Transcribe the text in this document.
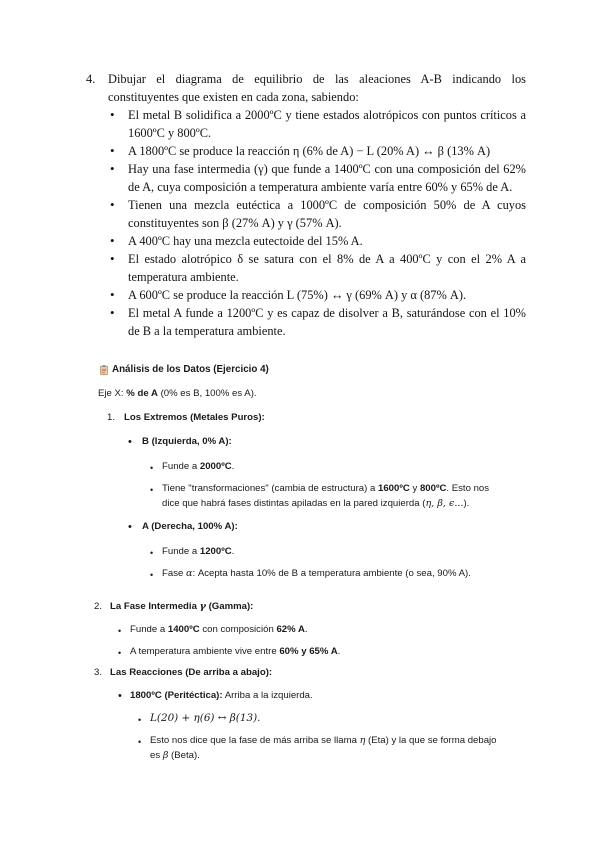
4. Dibujar el diagrama de equilibrio de las aleaciones A-B indicando los constituyentes que existen en cada zona, sabiendo:
• El metal B solidifica a 2000ºC y tiene estados alotrópicos con puntos críticos a 1600ºC y 800ºC.
• A 1800ºC se produce la reacción η (6% de A) − L (20% A) ↔ β (13% A)
• Hay una fase intermedia (γ) que funde a 1400ºC con una composición del 62% de A, cuya composición a temperatura ambiente varía entre 60% y 65% de A.
• Tienen una mezcla eutéctica a 1000ºC de composición 50% de A cuyos constituyentes son β (27% A) y γ (57% A).
• A 400ºC hay una mezcla eutectoide del 15% A.
• El estado alotrópico δ se satura con el 8% de A a 400ºC y con el 2% A a temperatura ambiente.
• A 600ºC se produce la reacción L (75%) ↔ γ (69% A) y α (87% A).
• El metal A funde a 1200ºC y es capaz de disolver a B, saturándose con el 10% de B a la temperatura ambiente.
Análisis de los Datos (Ejercicio 4)
Eje X: % de A (0% es B, 100% es A).
1. Los Extremos (Metales Puros):
• B (Izquierda, 0% A):
• Funde a 2000ºC.
• Tiene "transformaciones" (cambia de estructura) a 1600ºC y 800ºC. Esto nos
dice que habrá fases distintas apiladas en la pared izquierda (η, β, ϵ...).
• A (Derecha, 100% A):
• Funde a 1200ºC.
• Fase α: Acepta hasta 10% de B a temperatura ambiente (o sea, 90% A).
2. La Fase Intermedia γ (Gamma):
• Funde a 1400ºC con composición 62% A.
• A temperatura ambiente vive entre 60% y 65% A.
3. Las Reacciones (De arriba a abajo):
• 1800ºC (Peritéctica): Arriba a la izquierda.
• L(20) + η(6) ↔ β(13).
• Esto nos dice que la fase de más arriba se llama η (Eta) y la que se forma debajo
es β (Beta).
